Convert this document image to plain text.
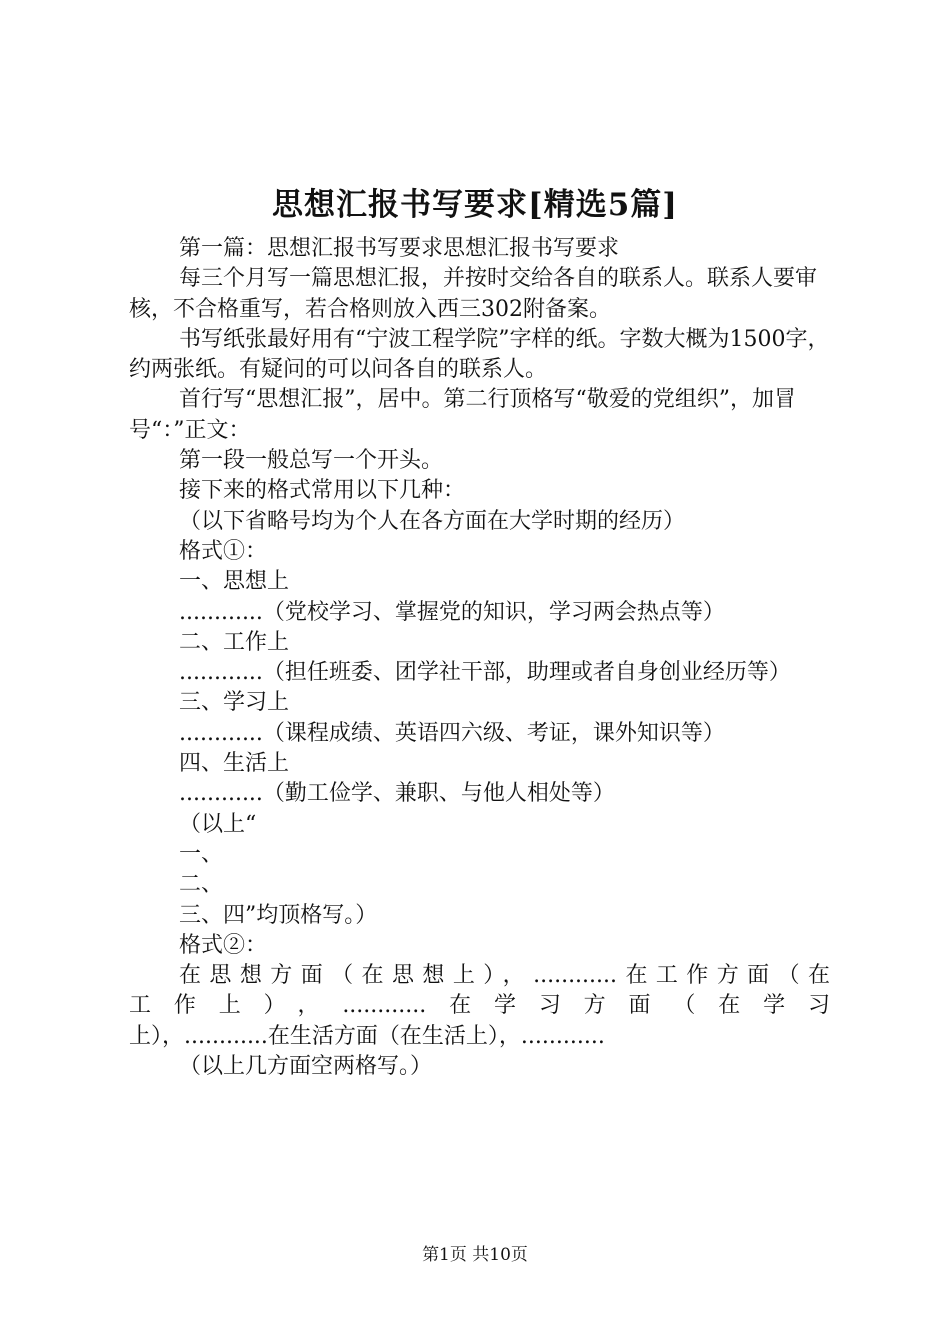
思想汇报书写要求[精选5篇]

第一篇：思想汇报书写要求思想汇报书写要求

每三个月写一篇思想汇报，并按时交给各自的联系人。联系人要审核，不合格重写，若合格则放入西三302附备案。

书写纸张最好用有“宁波工程学院”字样的纸。字数大概为1500字，约两张纸。有疑问的可以问各自的联系人。

首行写“思想汇报”，居中。第二行顶格写“敬爱的党组织”，加冒号“：”正文：

第一段一般总写一个开头。

接下来的格式常用以下几种：

（以下省略号均为个人在各方面在大学时期的经历）

格式①：

一、思想上

............（党校学习、掌握党的知识，学习两会热点等）

二、工作上

............（担任班委、团学社干部，助理或者自身创业经历等）

三、学习上

............（课程成绩、英语四六级、考证，课外知识等）

四、生活上

............（勤工俭学、兼职、与他人相处等）

（以上“

一、

二、

三、四”均顶格写。）

格式②：

在思想方面（在思想上），............在工作方面（在

工作上），............在学习方面（在学习

上），............在生活方面（在生活上），............

（以上几方面空两格写。）

第1页 共10页
